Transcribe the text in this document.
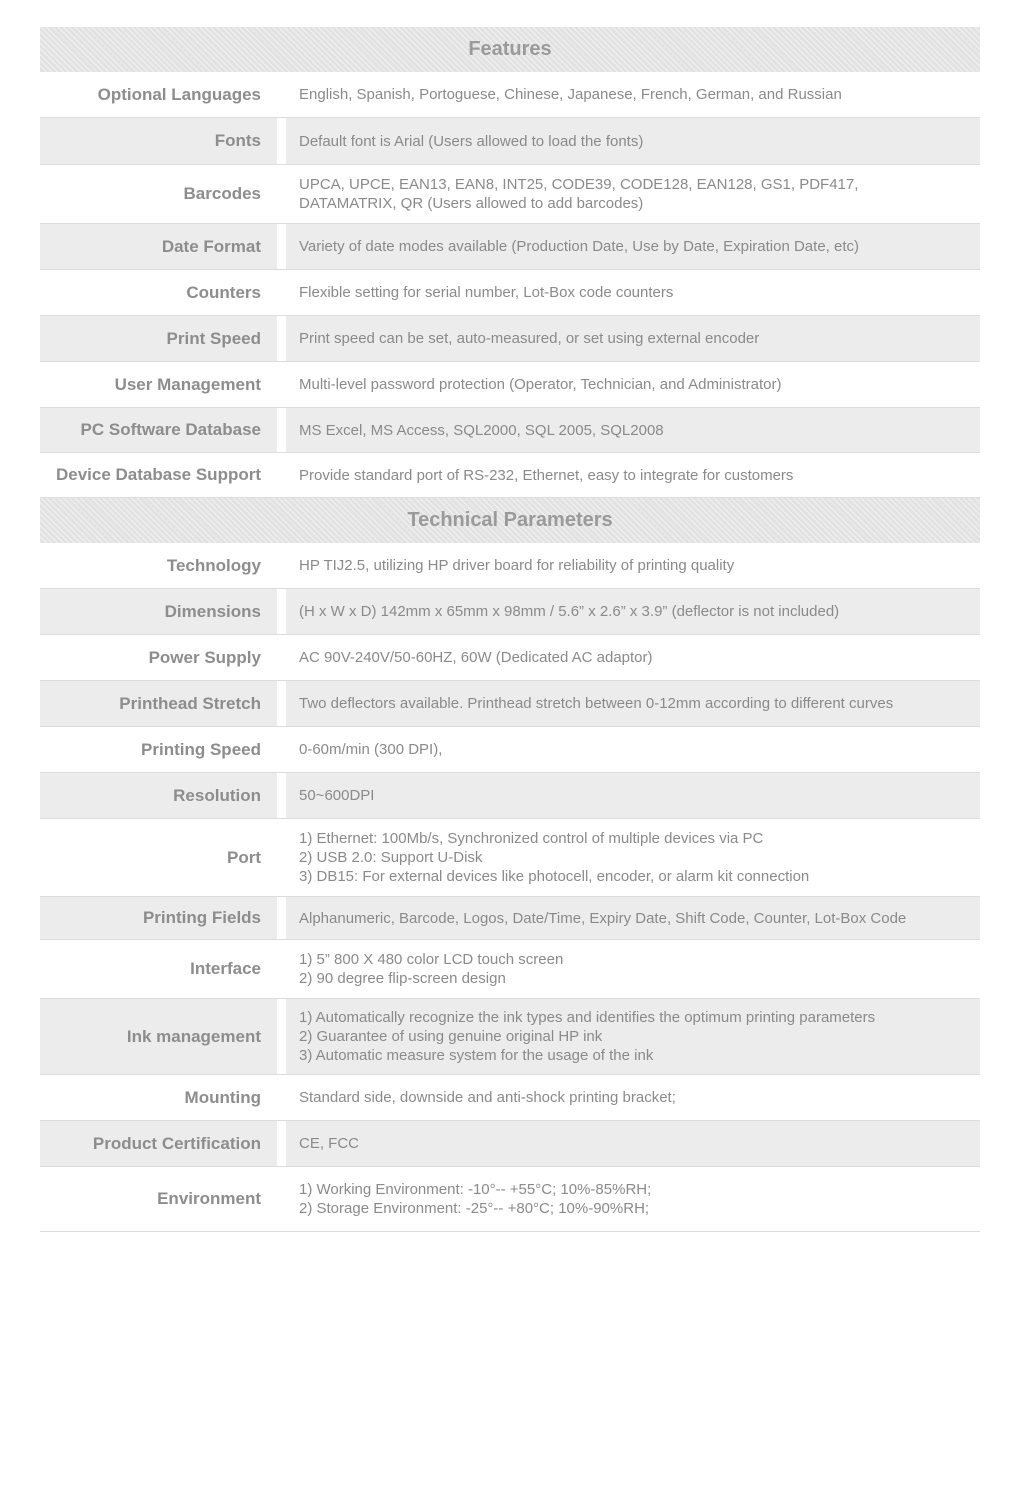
Features
Optional Languages	English, Spanish, Portoguese, Chinese, Japanese, French, German, and Russian
Fonts	Default font is Arial (Users allowed to load the fonts)
Barcodes	UPCA, UPCE, EAN13, EAN8, INT25, CODE39, CODE128, EAN128, GS1, PDF417,
DATAMATRIX, QR (Users allowed to add barcodes)
Date Format	Variety of date modes available (Production Date, Use by Date, Expiration Date, etc)
Counters	Flexible setting for serial number, Lot-Box code counters
Print Speed	Print speed can be set, auto-measured, or set using external encoder
User Management	Multi-level password protection (Operator, Technician, and Administrator)
PC Software Database	MS Excel, MS Access, SQL2000, SQL 2005, SQL2008
Device Database Support	Provide standard port of RS-232, Ethernet, easy to integrate for customers
Technical Parameters
Technology	HP TIJ2.5, utilizing HP driver board for reliability of printing quality
Dimensions	(H x W x D) 142mm x 65mm x 98mm / 5.6” x 2.6” x 3.9” (deflector is not included)
Power Supply	AC 90V-240V/50-60HZ, 60W (Dedicated AC adaptor)
Printhead Stretch	Two deflectors available. Printhead stretch between 0-12mm according to different curves
Printing Speed	0-60m/min (300 DPI),
Resolution	50~600DPI
Port
1) Ethernet: 100Mb/s, Synchronized control of multiple devices via PC
2) USB 2.0: Support U-Disk
3) DB15: For external devices like photocell, encoder, or alarm kit connection
Printing Fields	Alphanumeric, Barcode, Logos, Date/Time, Expiry Date, Shift Code, Counter, Lot-Box Code
Interface	1) 5” 800 X 480 color LCD touch screen
2) 90 degree flip-screen design
Ink management
1) Automatically recognize the ink types and identifies the optimum printing parameters
2) Guarantee of using genuine original HP ink
3) Automatic measure system for the usage of the ink
Mounting	Standard side, downside and anti-shock printing bracket;
Product Certification	CE, FCC
Environment	1) Working Environment: -10°-- +55°C; 10%-85%RH;
2) Storage Environment: -25°-- +80°C; 10%-90%RH;
